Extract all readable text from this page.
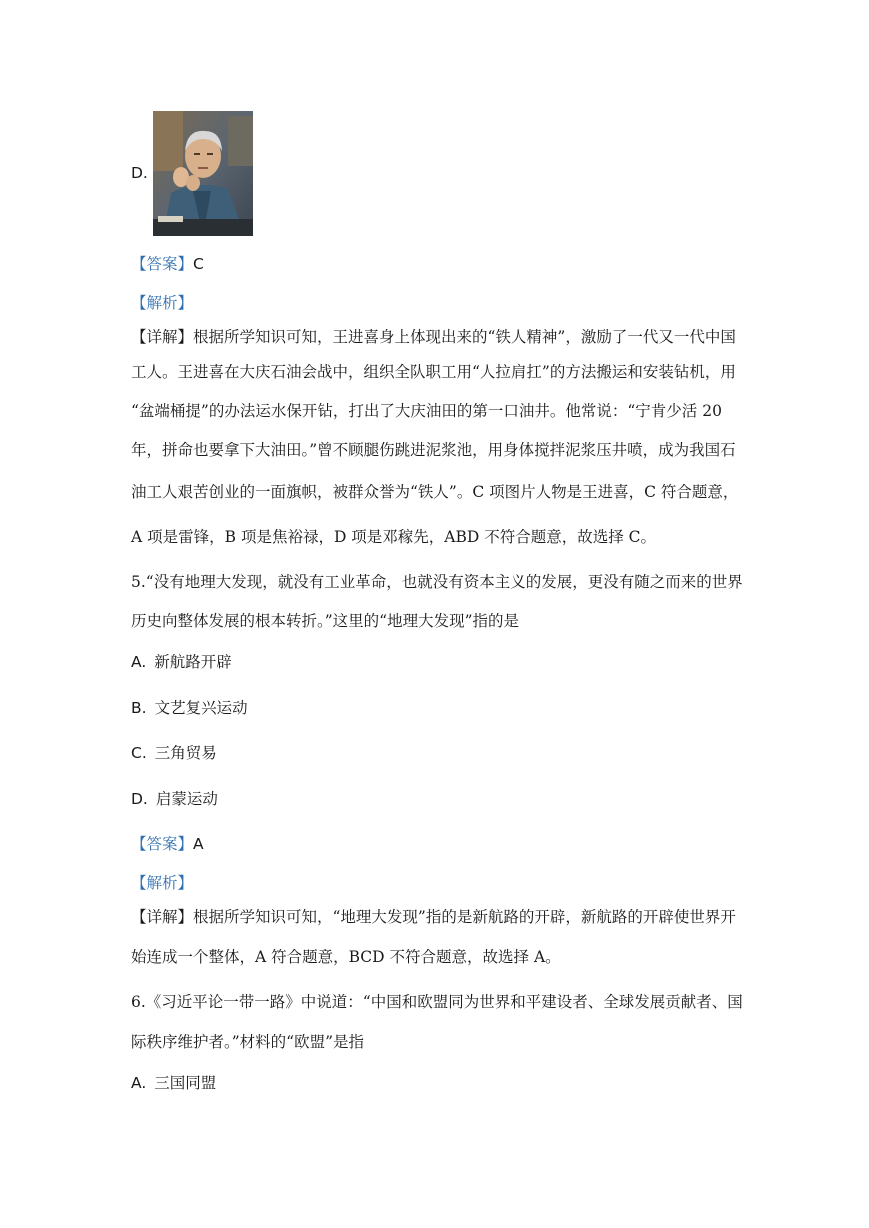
D.
【答案】C
【解析】
【详解】根据所学知识可知，王进喜身上体现出来的“铁人精神”，激励了一代又一代中国
工人。王进喜在大庆石油会战中，组织全队职工用“人拉肩扛”的方法搬运和安装钻机，用
“盆端桶提”的办法运水保开钻，打出了大庆油田的第一口油井。他常说：“宁肯少活 20
年，拼命也要拿下大油田。”曾不顾腿伤跳进泥浆池，用身体搅拌泥浆压井喷，成为我国石
油工人艰苦创业的一面旗帜，被群众誉为“铁人”。C 项图片人物是王进喜，C 符合题意，
A 项是雷锋，B 项是焦裕禄，D 项是邓稼先，ABD 不符合题意，故选择 C。
5.“没有地理大发现，就没有工业革命，也就没有资本主义的发展，更没有随之而来的世界
历史向整体发展的根本转折。”这里的“地理大发现”指的是
A. 新航路开辟
B. 文艺复兴运动
C. 三角贸易
D. 启蒙运动
【答案】A
【解析】
【详解】根据所学知识可知，“地理大发现”指的是新航路的开辟，新航路的开辟使世界开
始连成一个整体，A 符合题意，BCD 不符合题意，故选择 A。
6.《习近平论一带一路》中说道：“中国和欧盟同为世界和平建设者、全球发展贡献者、国
际秩序维护者。”材料的“欧盟”是指
A. 三国同盟
